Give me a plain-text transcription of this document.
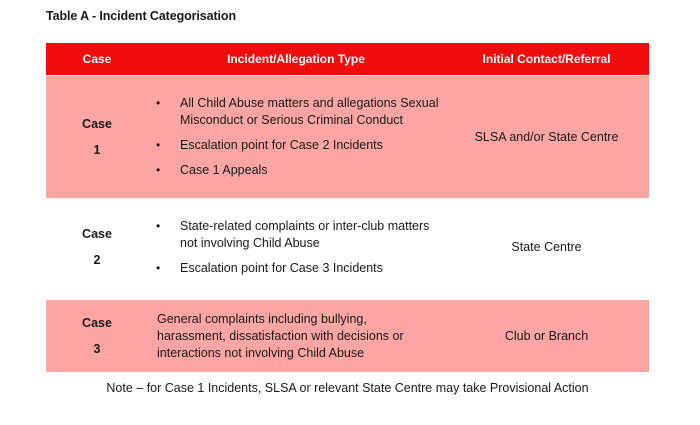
Table A - Incident Categorisation
Case	Incident/Allegation Type	Initial Contact/Referral
Case
1
• All Child Abuse matters and allegations Sexual Misconduct or Serious Criminal Conduct
• Escalation point for Case 2 Incidents
• Case 1 Appeals
SLSA and/or State Centre
Case
2
• State-related complaints or inter-club matters not involving Child Abuse
• Escalation point for Case 3 Incidents
State Centre
Case
3
General complaints including bullying, harassment, dissatisfaction with decisions or interactions not involving Child Abuse
Club or Branch
Note – for Case 1 Incidents, SLSA or relevant State Centre may take Provisional Action
